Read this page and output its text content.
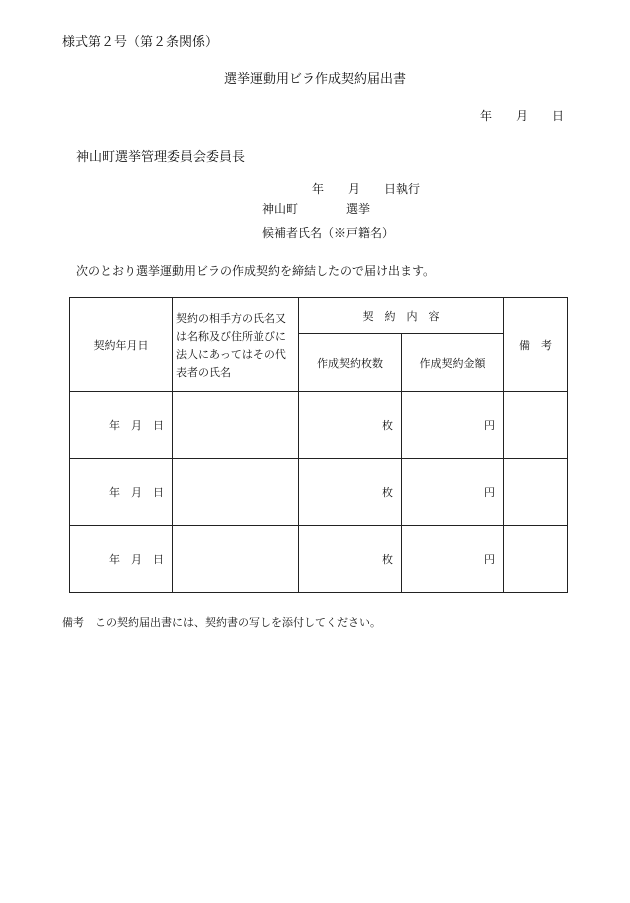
様式第２号（第２条関係）
選挙運動用ビラ作成契約届出書
年　　月　　日
神山町選挙管理委員会委員長
年　　月　　日執行
神山町　　　　選挙
候補者氏名（※戸籍名）
次のとおり選挙運動用ビラの作成契約を締結したので届け出ます。
契約年月日	契約の相手方の氏名又は名称及び住所並びに法人にあってはその代表者の氏名	契　約　内　容		備　考
		作成契約枚数	作成契約金額	
年　月　日		枚	円	
年　月　日		枚	円	
年　月　日		枚	円	
備考　この契約届出書には、契約書の写しを添付してください。
